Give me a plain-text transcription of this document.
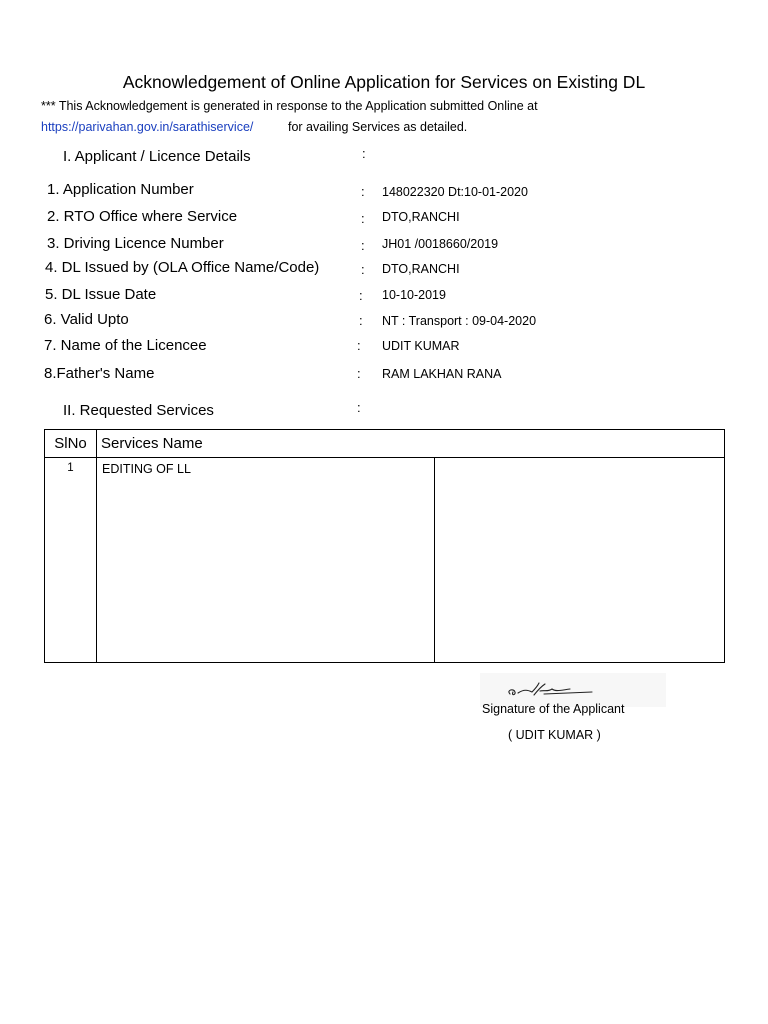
Acknowledgement of Online Application for Services on Existing DL
*** This Acknowledgement is generated in response to the Application submitted Online at
https://parivahan.gov.in/sarathiservice/	for availing Services as detailed.
I. Applicant / Licence Details	:
1. Application Number	: 148022320 Dt:10-01-2020
2. RTO Office where Service	: DTO,RANCHI
3. Driving Licence Number	: JH01 /0018660/2019
4. DL Issued by (OLA Office Name/Code)	: DTO,RANCHI
5. DL Issue Date	: 10-10-2019
6. Valid Upto	: NT : Transport : 09-04-2020
7. Name of the Licencee	: UDIT KUMAR
8.Father's Name	: RAM LAKHAN RANA
II. Requested Services	:
SlNo Services Name
1	EDITING OF LL
Signature of the Applicant
( UDIT KUMAR )
